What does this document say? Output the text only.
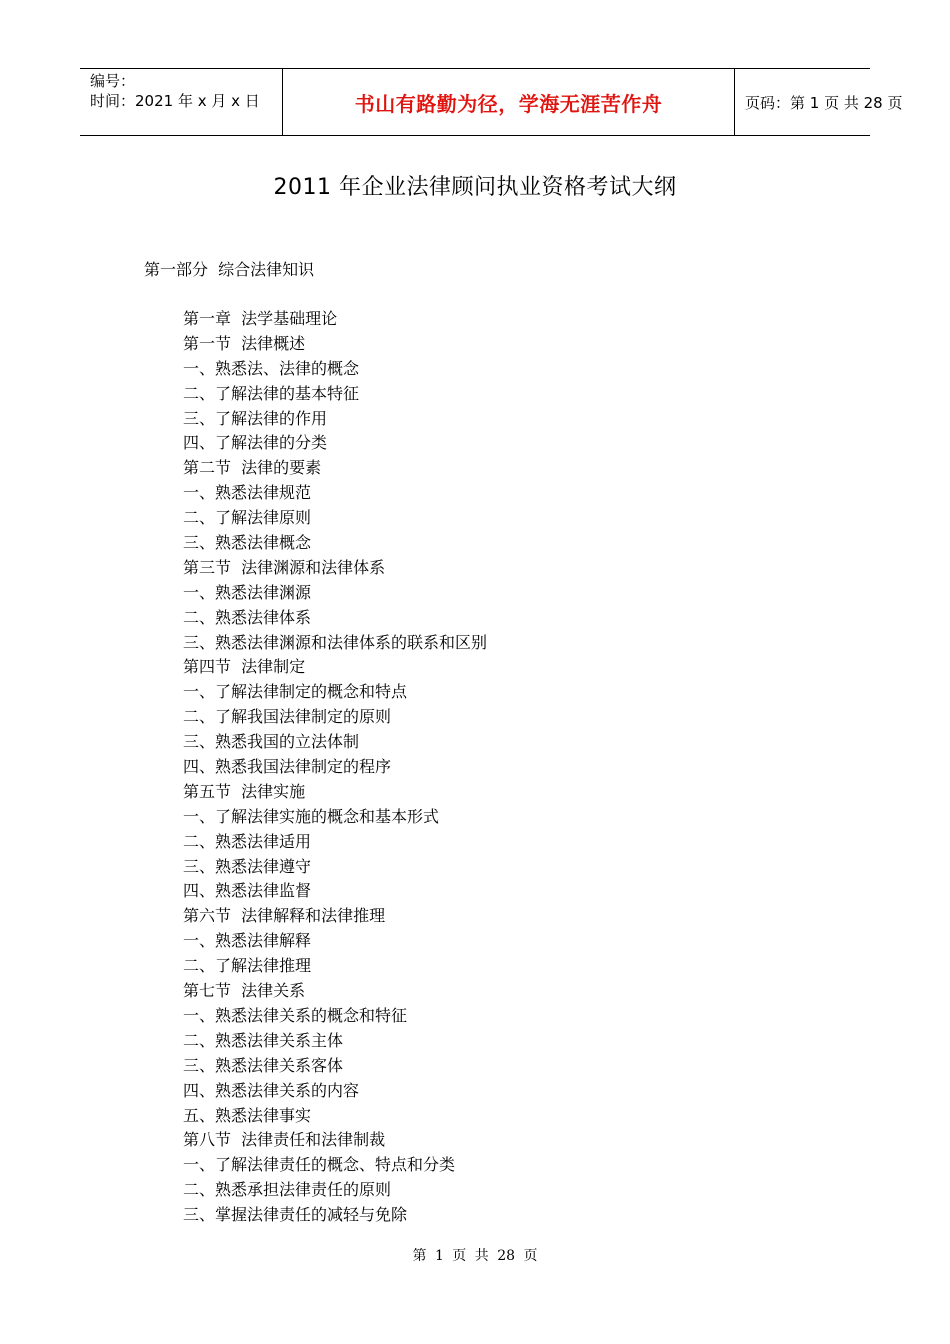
编号：
时间：2021 年 x 月 x 日	书山有路勤为径，学海无涯苦作舟	页码：第 1 页 共 28 页
2011 年企业法律顾问执业资格考试大纲
第一部分  综合法律知识
第一章  法学基础理论
第一节  法律概述
一、熟悉法、法律的概念
二、了解法律的基本特征
三、了解法律的作用
四、了解法律的分类
第二节  法律的要素
一、熟悉法律规范
二、了解法律原则
三、熟悉法律概念
第三节  法律渊源和法律体系
一、熟悉法律渊源
二、熟悉法律体系
三、熟悉法律渊源和法律体系的联系和区别
第四节  法律制定
一、了解法律制定的概念和特点
二、了解我国法律制定的原则
三、熟悉我国的立法体制
四、熟悉我国法律制定的程序
第五节  法律实施
一、了解法律实施的概念和基本形式
二、熟悉法律适用
三、熟悉法律遵守
四、熟悉法律监督
第六节  法律解释和法律推理
一、熟悉法律解释
二、了解法律推理
第七节  法律关系
一、熟悉法律关系的概念和特征
二、熟悉法律关系主体
三、熟悉法律关系客体
四、熟悉法律关系的内容
五、熟悉法律事实
第八节  法律责任和法律制裁
一、了解法律责任的概念、特点和分类
二、熟悉承担法律责任的原则
三、掌握法律责任的减轻与免除
第 1 页 共 28 页
